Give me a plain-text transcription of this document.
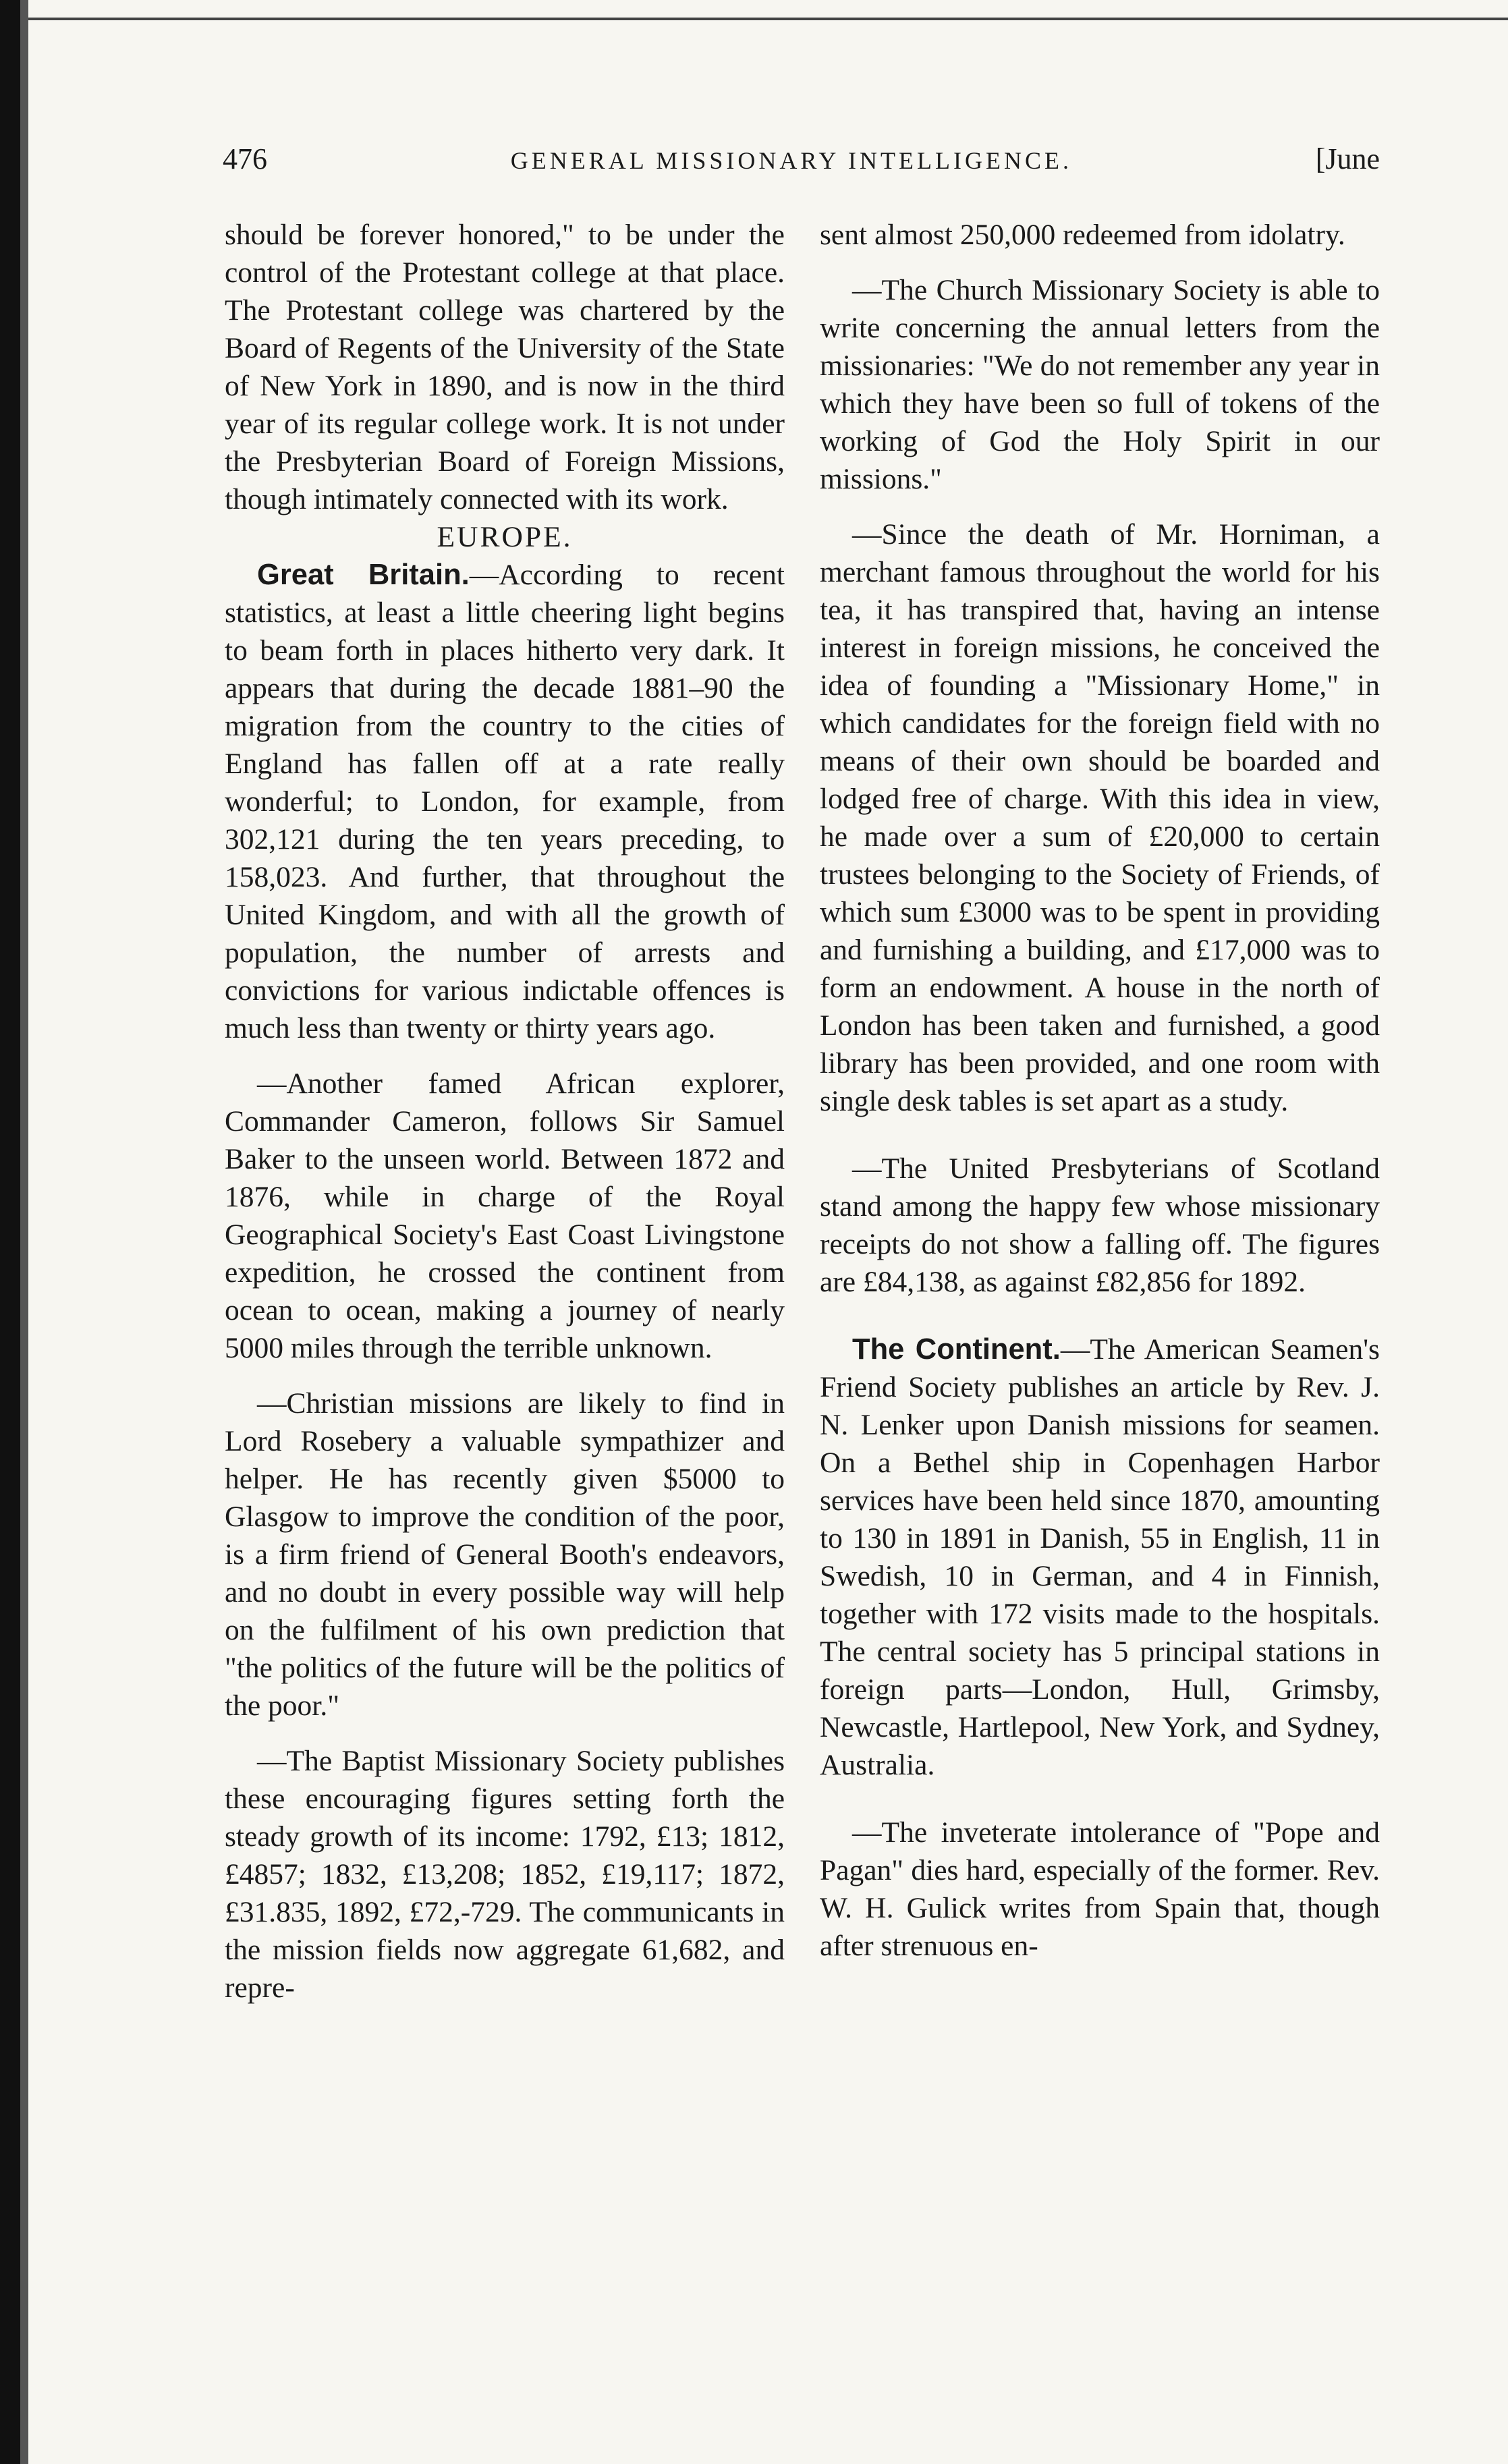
476	GENERAL MISSIONARY INTELLIGENCE.	[June

should be forever honored," to be under the control of the Protestant college at that place. The Protestant college was chartered by the Board of Regents of the University of the State of New York in 1890, and is now in the third year of its regular college work. It is not under the Presbyterian Board of Foreign Missions, though intimately connected with its work.

EUROPE.

Great Britain.—According to recent statistics, at least a little cheering light begins to beam forth in places hitherto very dark. It appears that during the decade 1881–90 the migration from the country to the cities of England has fallen off at a rate really wonderful; to London, for example, from 302,121 during the ten years preceding, to 158,023. And further, that throughout the United Kingdom, and with all the growth of population, the number of arrests and convictions for various indictable offences is much less than twenty or thirty years ago.

—Another famed African explorer, Commander Cameron, follows Sir Samuel Baker to the unseen world. Between 1872 and 1876, while in charge of the Royal Geographical Society's East Coast Livingstone expedition, he crossed the continent from ocean to ocean, making a journey of nearly 5000 miles through the terrible unknown.

—Christian missions are likely to find in Lord Rosebery a valuable sympathizer and helper. He has recently given $5000 to Glasgow to improve the condition of the poor, is a firm friend of General Booth's endeavors, and no doubt in every possible way will help on the fulfilment of his own prediction that "the politics of the future will be the politics of the poor."

—The Baptist Missionary Society publishes these encouraging figures setting forth the steady growth of its income: 1792, £13; 1812, £4857; 1832, £13,208; 1852, £19,117; 1872, £31.835, 1892, £72,-729. The communicants in the mission fields now aggregate 61,682, and repre-

sent almost 250,000 redeemed from idolatry.

—The Church Missionary Society is able to write concerning the annual letters from the missionaries: "We do not remember any year in which they have been so full of tokens of the working of God the Holy Spirit in our missions."

—Since the death of Mr. Horniman, a merchant famous throughout the world for his tea, it has transpired that, having an intense interest in foreign missions, he conceived the idea of founding a "Missionary Home," in which candidates for the foreign field with no means of their own should be boarded and lodged free of charge. With this idea in view, he made over a sum of £20,000 to certain trustees belonging to the Society of Friends, of which sum £3000 was to be spent in providing and furnishing a building, and £17,000 was to form an endowment. A house in the north of London has been taken and furnished, a good library has been provided, and one room with single desk tables is set apart as a study.

—The United Presbyterians of Scotland stand among the happy few whose missionary receipts do not show a falling off. The figures are £84,138, as against £82,856 for 1892.

The Continent.—The American Seamen's Friend Society publishes an article by Rev. J. N. Lenker upon Danish missions for seamen. On a Bethel ship in Copenhagen Harbor services have been held since 1870, amounting to 130 in 1891 in Danish, 55 in English, 11 in Swedish, 10 in German, and 4 in Finnish, together with 172 visits made to the hospitals. The central society has 5 principal stations in foreign parts—London, Hull, Grimsby, Newcastle, Hartlepool, New York, and Sydney, Australia.

—The inveterate intolerance of "Pope and Pagan" dies hard, especially of the former. Rev. W. H. Gulick writes from Spain that, though after strenuous en-
